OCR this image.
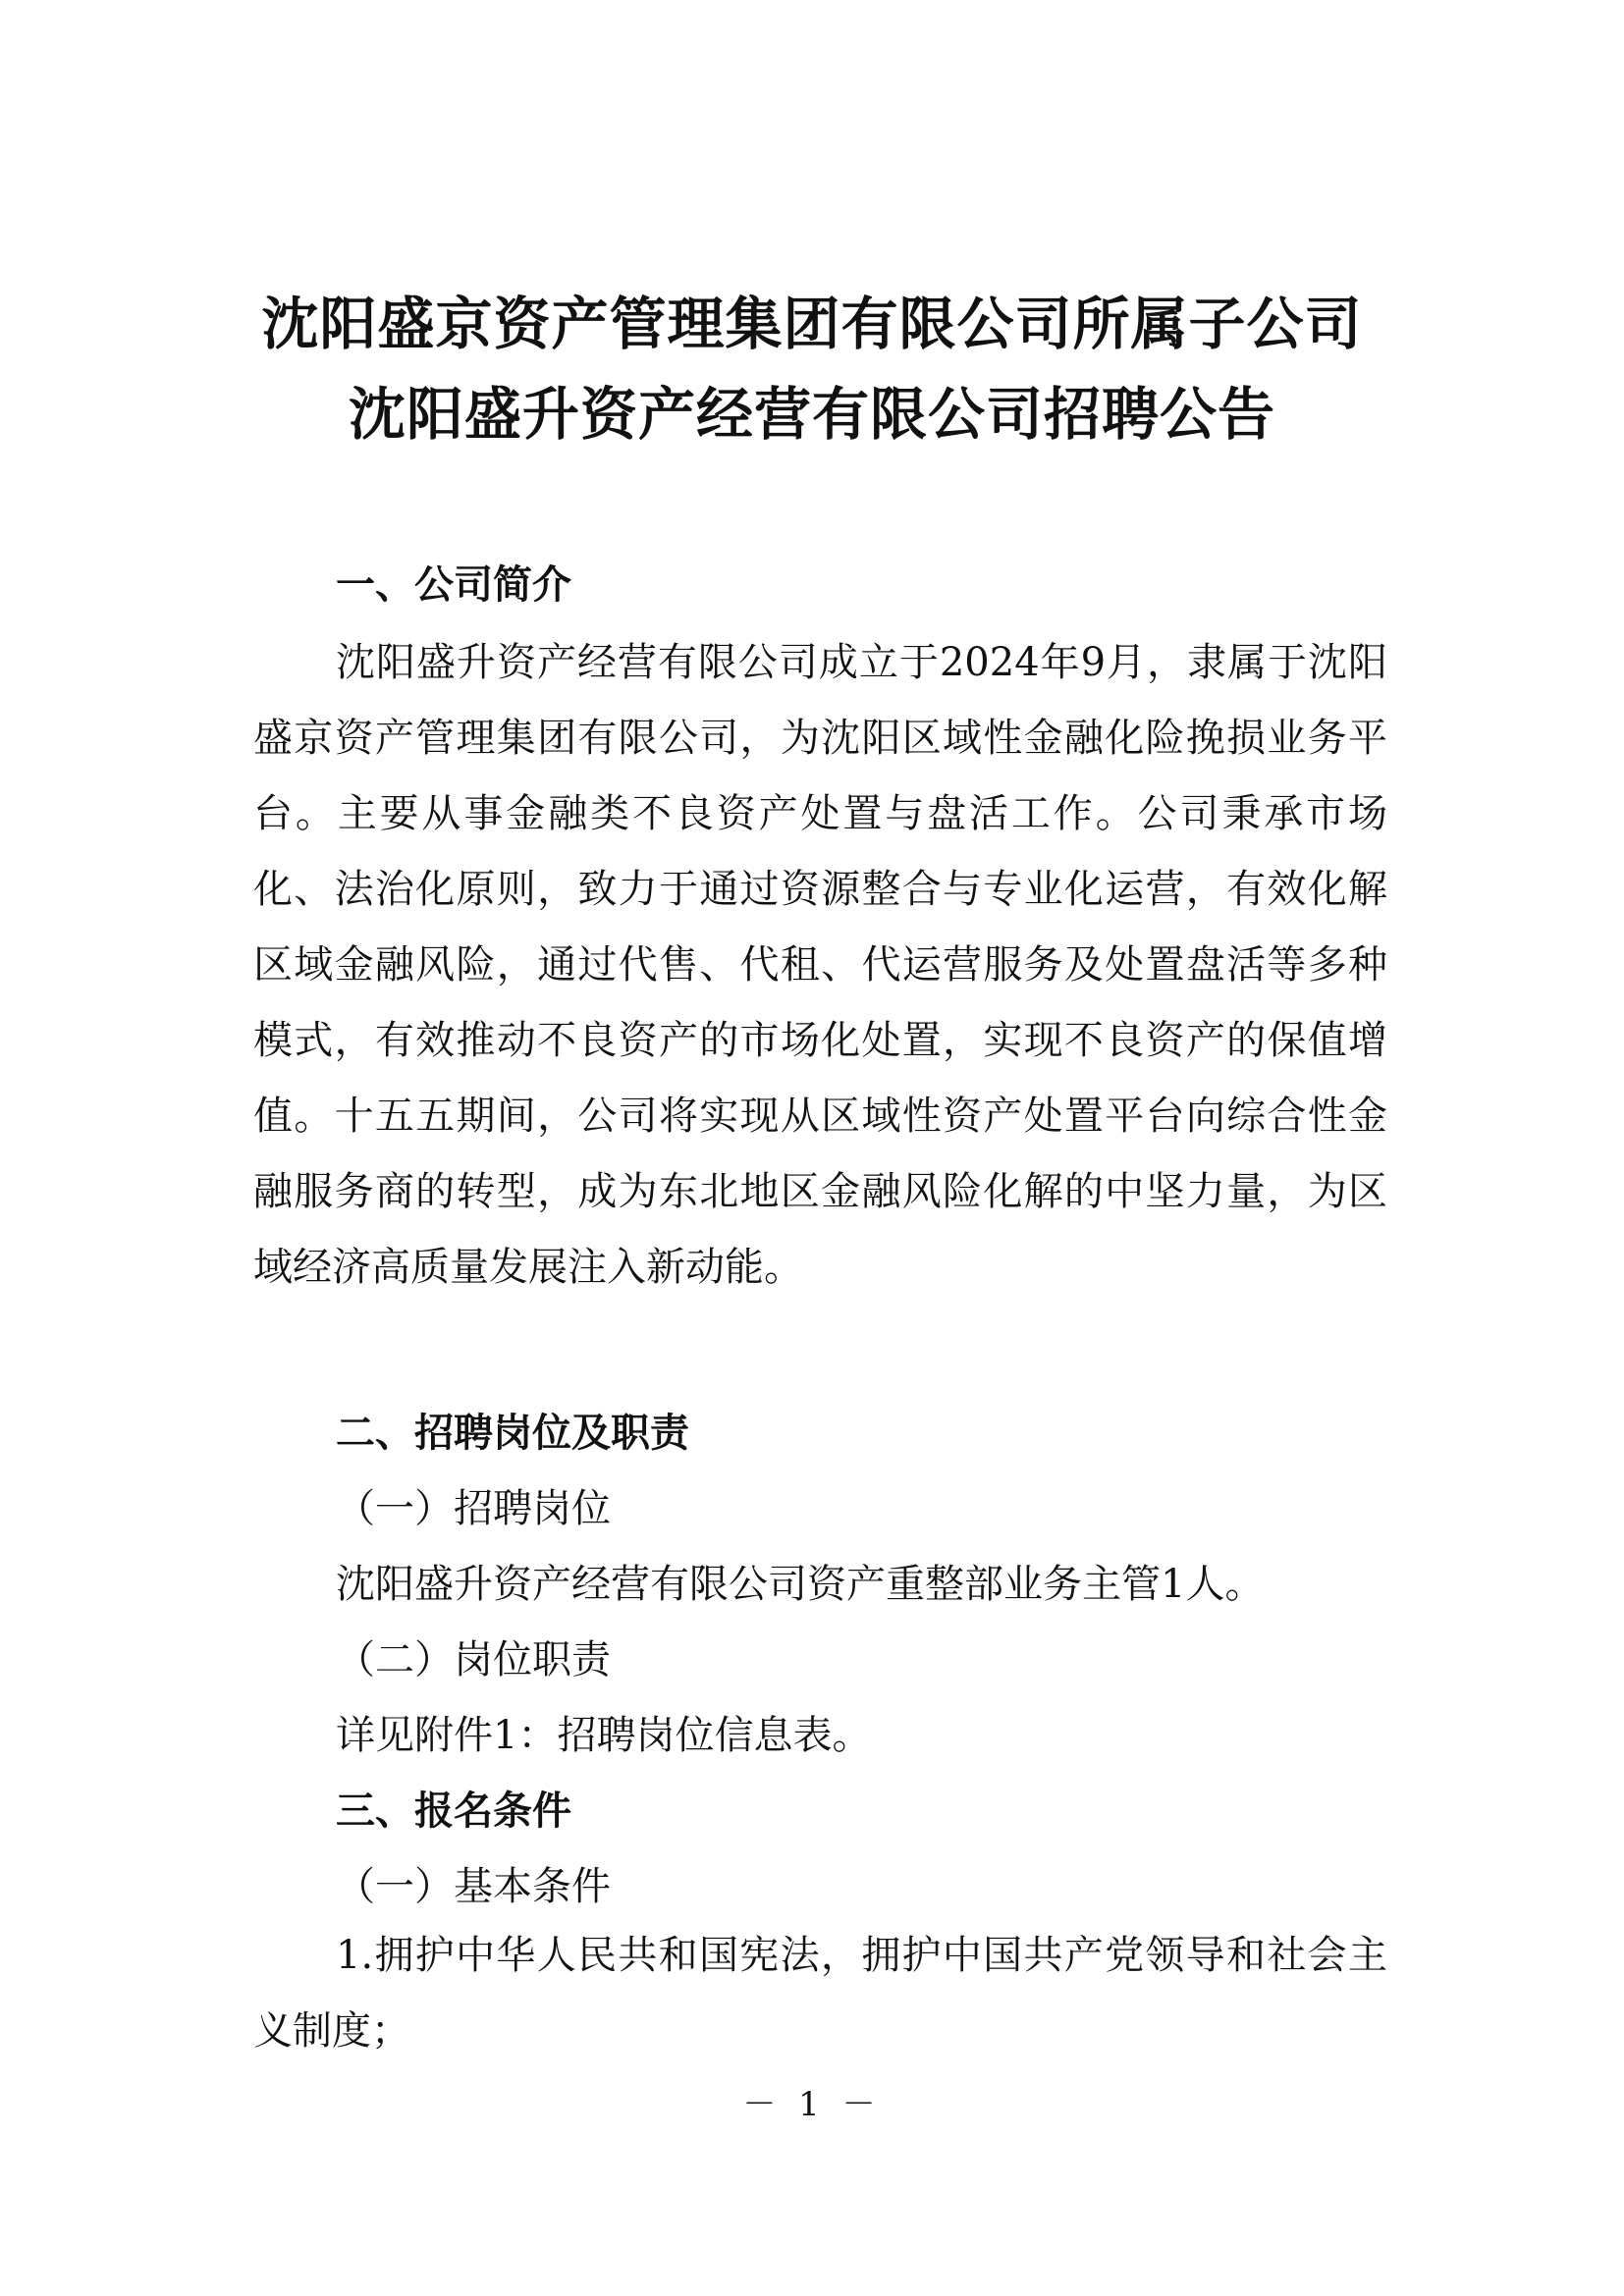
沈阳盛京资产管理集团有限公司所属子公司
沈阳盛升资产经营有限公司招聘公告
一、公司简介

沈阳盛升资产经营有限公司成立于2024年9月，隶属于沈阳盛京资产管理集团有限公司，为沈阳区域性金融化险挽损业务平台。主要从事金融类不良资产处置与盘活工作。公司秉承市场化、法治化原则，致力于通过资源整合与专业化运营，有效化解区域金融风险，通过代售、代租、代运营服务及处置盘活等多种模式，有效推动不良资产的市场化处置，实现不良资产的保值增值。十五五期间，公司将实现从区域性资产处置平台向综合性金融服务商的转型，成为东北地区金融风险化解的中坚力量，为区域经济高质量发展注入新动能。

二、招聘岗位及职责
（一）招聘岗位
沈阳盛升资产经营有限公司资产重整部业务主管1人。
（二）岗位职责
详见附件1：招聘岗位信息表。
三、报名条件
（一）基本条件

1.拥护中华人民共和国宪法，拥护中国共产党领导和社会主义制度；

－ 1 －
